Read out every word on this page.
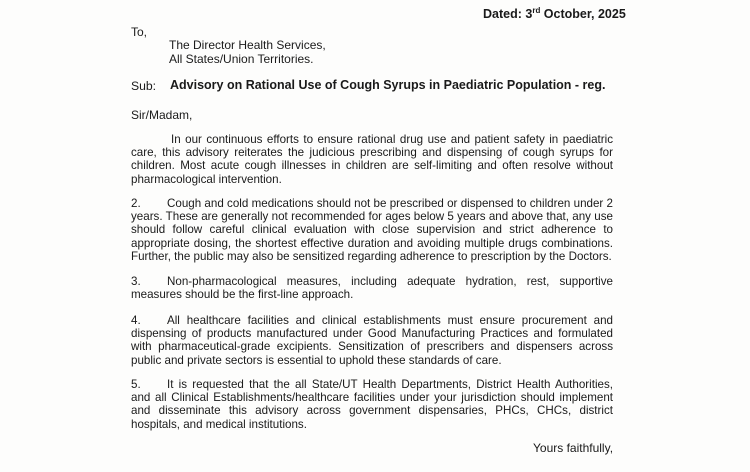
Dated: 3rd October, 2025
To,
The Director Health Services,
All States/Union Territories.
Sub: Advisory on Rational Use of Cough Syrups in Paediatric Population - reg.
Sir/Madam,
In our continuous efforts to ensure rational drug use and patient safety in paediatric care, this advisory reiterates the judicious prescribing and dispensing of cough syrups for children. Most acute cough illnesses in children are self-limiting and often resolve without pharmacological intervention.
2. Cough and cold medications should not be prescribed or dispensed to children under 2 years. These are generally not recommended for ages below 5 years and above that, any use should follow careful clinical evaluation with close supervision and strict adherence to appropriate dosing, the shortest effective duration and avoiding multiple drugs combinations. Further, the public may also be sensitized regarding adherence to prescription by the Doctors.
3. Non-pharmacological measures, including adequate hydration, rest, supportive measures should be the first-line approach.
4. All healthcare facilities and clinical establishments must ensure procurement and dispensing of products manufactured under Good Manufacturing Practices and formulated with pharmaceutical-grade excipients. Sensitization of prescribers and dispensers across public and private sectors is essential to uphold these standards of care.
5. It is requested that the all State/UT Health Departments, District Health Authorities, and all Clinical Establishments/healthcare facilities under your jurisdiction should implement and disseminate this advisory across government dispensaries, PHCs, CHCs, district hospitals, and medical institutions.
Yours faithfully,
